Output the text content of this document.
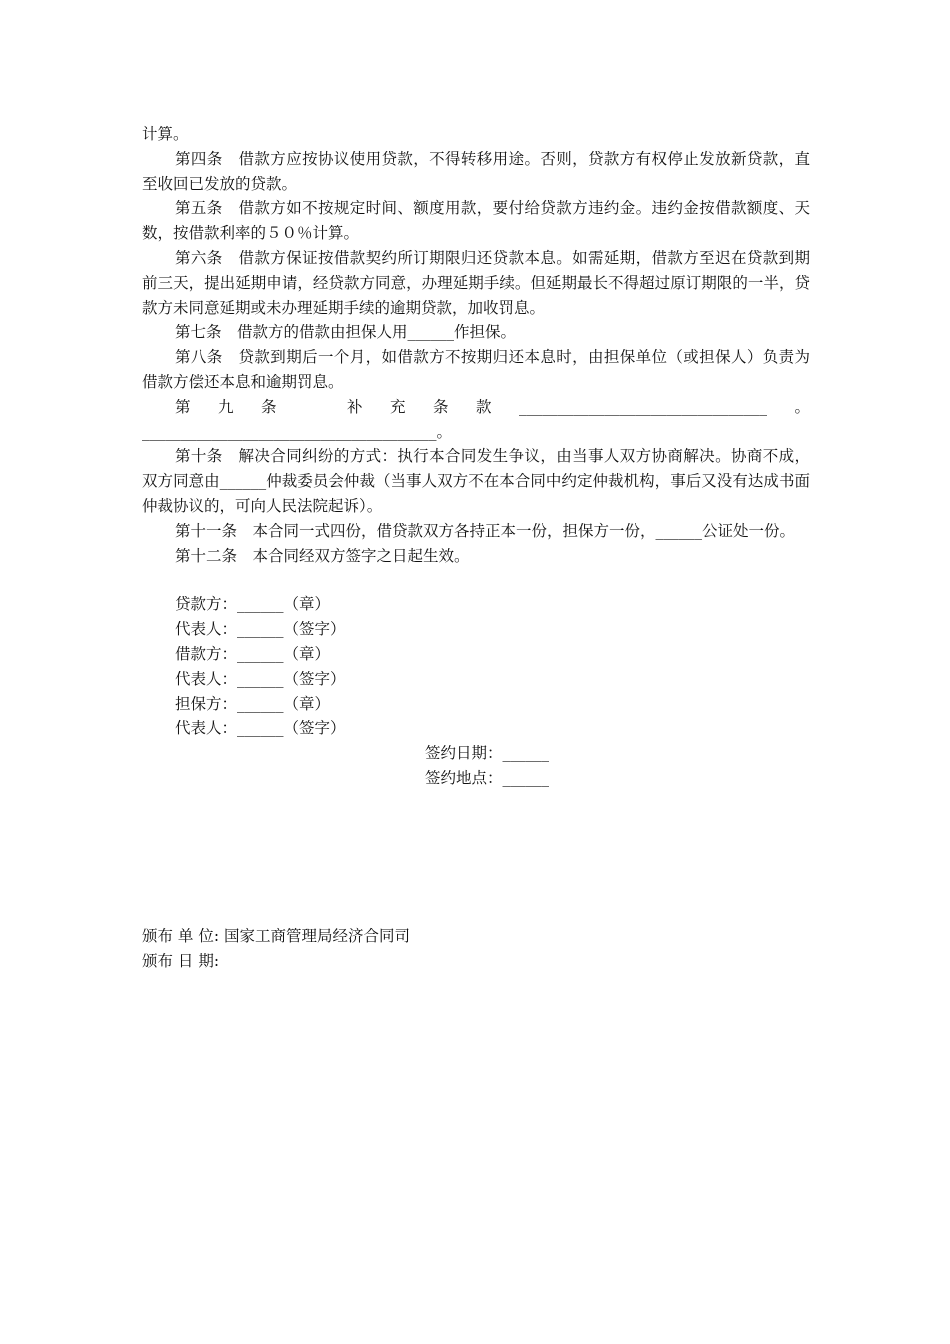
计算。

第四条　借款方应按协议使用贷款，不得转移用途。否则，贷款方有权停止发放新贷款，直至收回已发放的贷款。

第五条　借款方如不按规定时间、额度用款，要付给贷款方违约金。违约金按借款额度、天数，按借款利率的５０％计算。

第六条　借款方保证按借款契约所订期限归还贷款本息。如需延期，借款方至迟在贷款到期前三天，提出延期申请，经贷款方同意，办理延期手续。但延期最长不得超过原订期限的一半，贷款方未同意延期或未办理延期手续的逾期贷款，加收罚息。

第七条　借款方的借款由担保人用______作担保。

第八条　贷款到期后一个月，如借款方不按期归还本息时，由担保单位（或担保人）负责为借款方偿还本息和逾期罚息。

第九条　补充条款________________________________。______________________________________。

第十条　解决合同纠纷的方式：执行本合同发生争议，由当事人双方协商解决。协商不成，双方同意由______仲裁委员会仲裁（当事人双方不在本合同中约定仲裁机构，事后又没有达成书面仲裁协议的，可向人民法院起诉）。

第十一条　本合同一式四份，借贷款双方各持正本一份，担保方一份，______公证处一份。

第十二条　本合同经双方签字之日起生效。

贷款方：______（章）
代表人：______（签字）
借款方：______（章）
代表人：______（签字）
担保方：______（章）
代表人：______（签字）
签约日期：______
签约地点：______
颁布 单 位: 国家工商管理局经济合同司
颁布 日 期:
